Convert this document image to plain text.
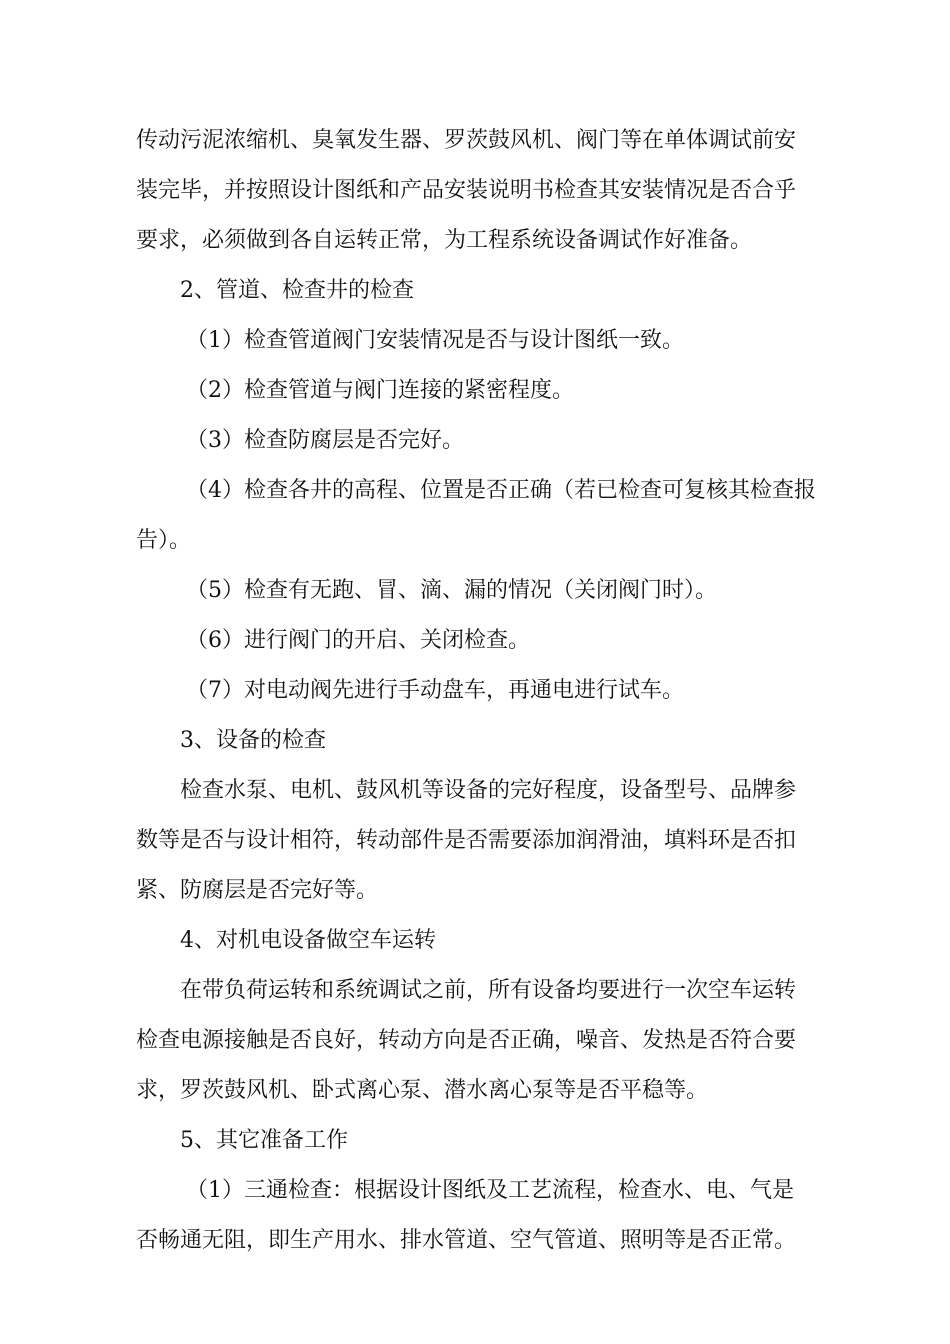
传动污泥浓缩机、臭氧发生器、罗茨鼓风机、阀门等在单体调试前安
装完毕，并按照设计图纸和产品安装说明书检查其安装情况是否合乎
要求，必须做到各自运转正常，为工程系统设备调试作好准备。
2、管道、检查井的检查
（1）检查管道阀门安装情况是否与设计图纸一致。
（2）检查管道与阀门连接的紧密程度。
（3）检查防腐层是否完好。
（4）检查各井的高程、位置是否正确（若已检查可复核其检查报
告）。
（5）检查有无跑、冒、滴、漏的情况（关闭阀门时）。
（6）进行阀门的开启、关闭检查。
（7）对电动阀先进行手动盘车，再通电进行试车。
3、设备的检查
检查水泵、电机、鼓风机等设备的完好程度，设备型号、品牌参
数等是否与设计相符，转动部件是否需要添加润滑油，填料环是否扣
紧、防腐层是否完好等。
4、对机电设备做空车运转
在带负荷运转和系统调试之前，所有设备均要进行一次空车运转
检查电源接触是否良好，转动方向是否正确，噪音、发热是否符合要
求，罗茨鼓风机、卧式离心泵、潜水离心泵等是否平稳等。
5、其它准备工作
（1）三通检查：根据设计图纸及工艺流程，检查水、电、气是
否畅通无阻，即生产用水、排水管道、空气管道、照明等是否正常。
